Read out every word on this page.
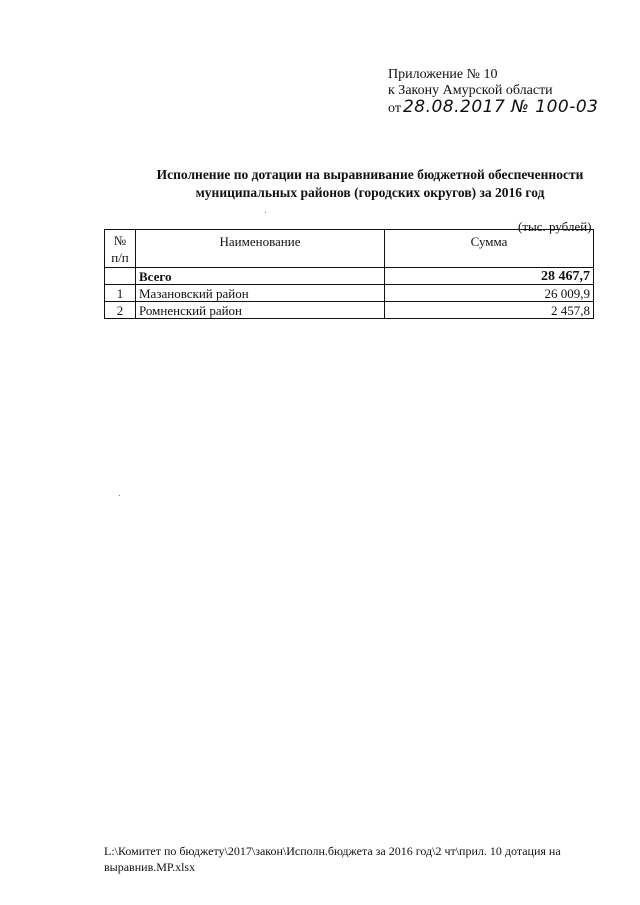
Приложение № 10
к Закону Амурской области
от 28.08.2017 № 100-03
Исполнение по дотации на выравнивание бюджетной обеспеченности
муниципальных районов (городских округов) за 2016 год
(тыс. рублей)
№ п/п	Наименование	Сумма
	Всего	28 467,7
1	Мазановский район	26 009,9
2	Ромненский район	2 457,8
L:\Комитет по бюджету\2017\закон\Исполн.бюджета за 2016 год\2 чт\прил. 10 дотация на выравнив.МР.xlsx
